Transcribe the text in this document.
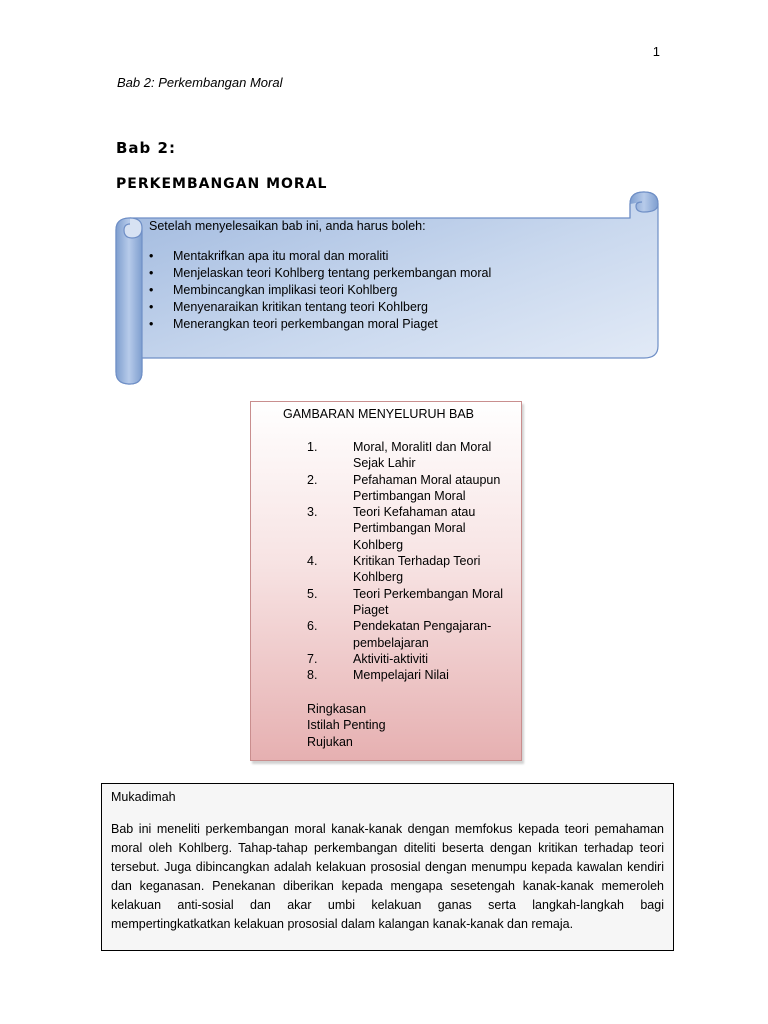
1
Bab 2: Perkembangan Moral
Bab 2:
PERKEMBANGAN MORAL
Setelah menyelesaikan bab ini, anda harus boleh:
• Mentakrifkan apa itu moral dan moraliti
• Menjelaskan teori Kohlberg tentang perkembangan moral
• Membincangkan implikasi teori Kohlberg
• Menyenaraikan kritikan tentang teori Kohlberg
• Menerangkan teori perkembangan moral Piaget
GAMBARAN MENYELURUH BAB
1.	Moral, MoralitI dan Moral Sejak Lahir
2.	Pefahaman Moral ataupun Pertimbangan Moral
3.	Teori Kefahaman atau Pertimbangan Moral Kohlberg
4.	Kritikan Terhadap Teori Kohlberg
5.	Teori Perkembangan Moral Piaget
6.	Pendekatan Pengajaran-pembelajaran
7.	Aktiviti-aktiviti
8.	Mempelajari Nilai
Ringkasan
Istilah Penting
Rujukan
Mukadimah
Bab ini meneliti perkembangan moral kanak-kanak dengan memfokus kepada teori pemahaman moral oleh Kohlberg. Tahap-tahap perkembangan diteliti beserta dengan kritikan terhadap teori tersebut. Juga dibincangkan adalah kelakuan prososial dengan menumpu kepada kawalan kendiri dan keganasan. Penekanan diberikan kepada mengapa sesetengah kanak-kanak memeroleh kelakuan anti-sosial dan akar umbi kelakuan ganas serta langkah-langkah bagi mempertingkatkatkan kelakuan prososial dalam kalangan kanak-kanak dan remaja.
